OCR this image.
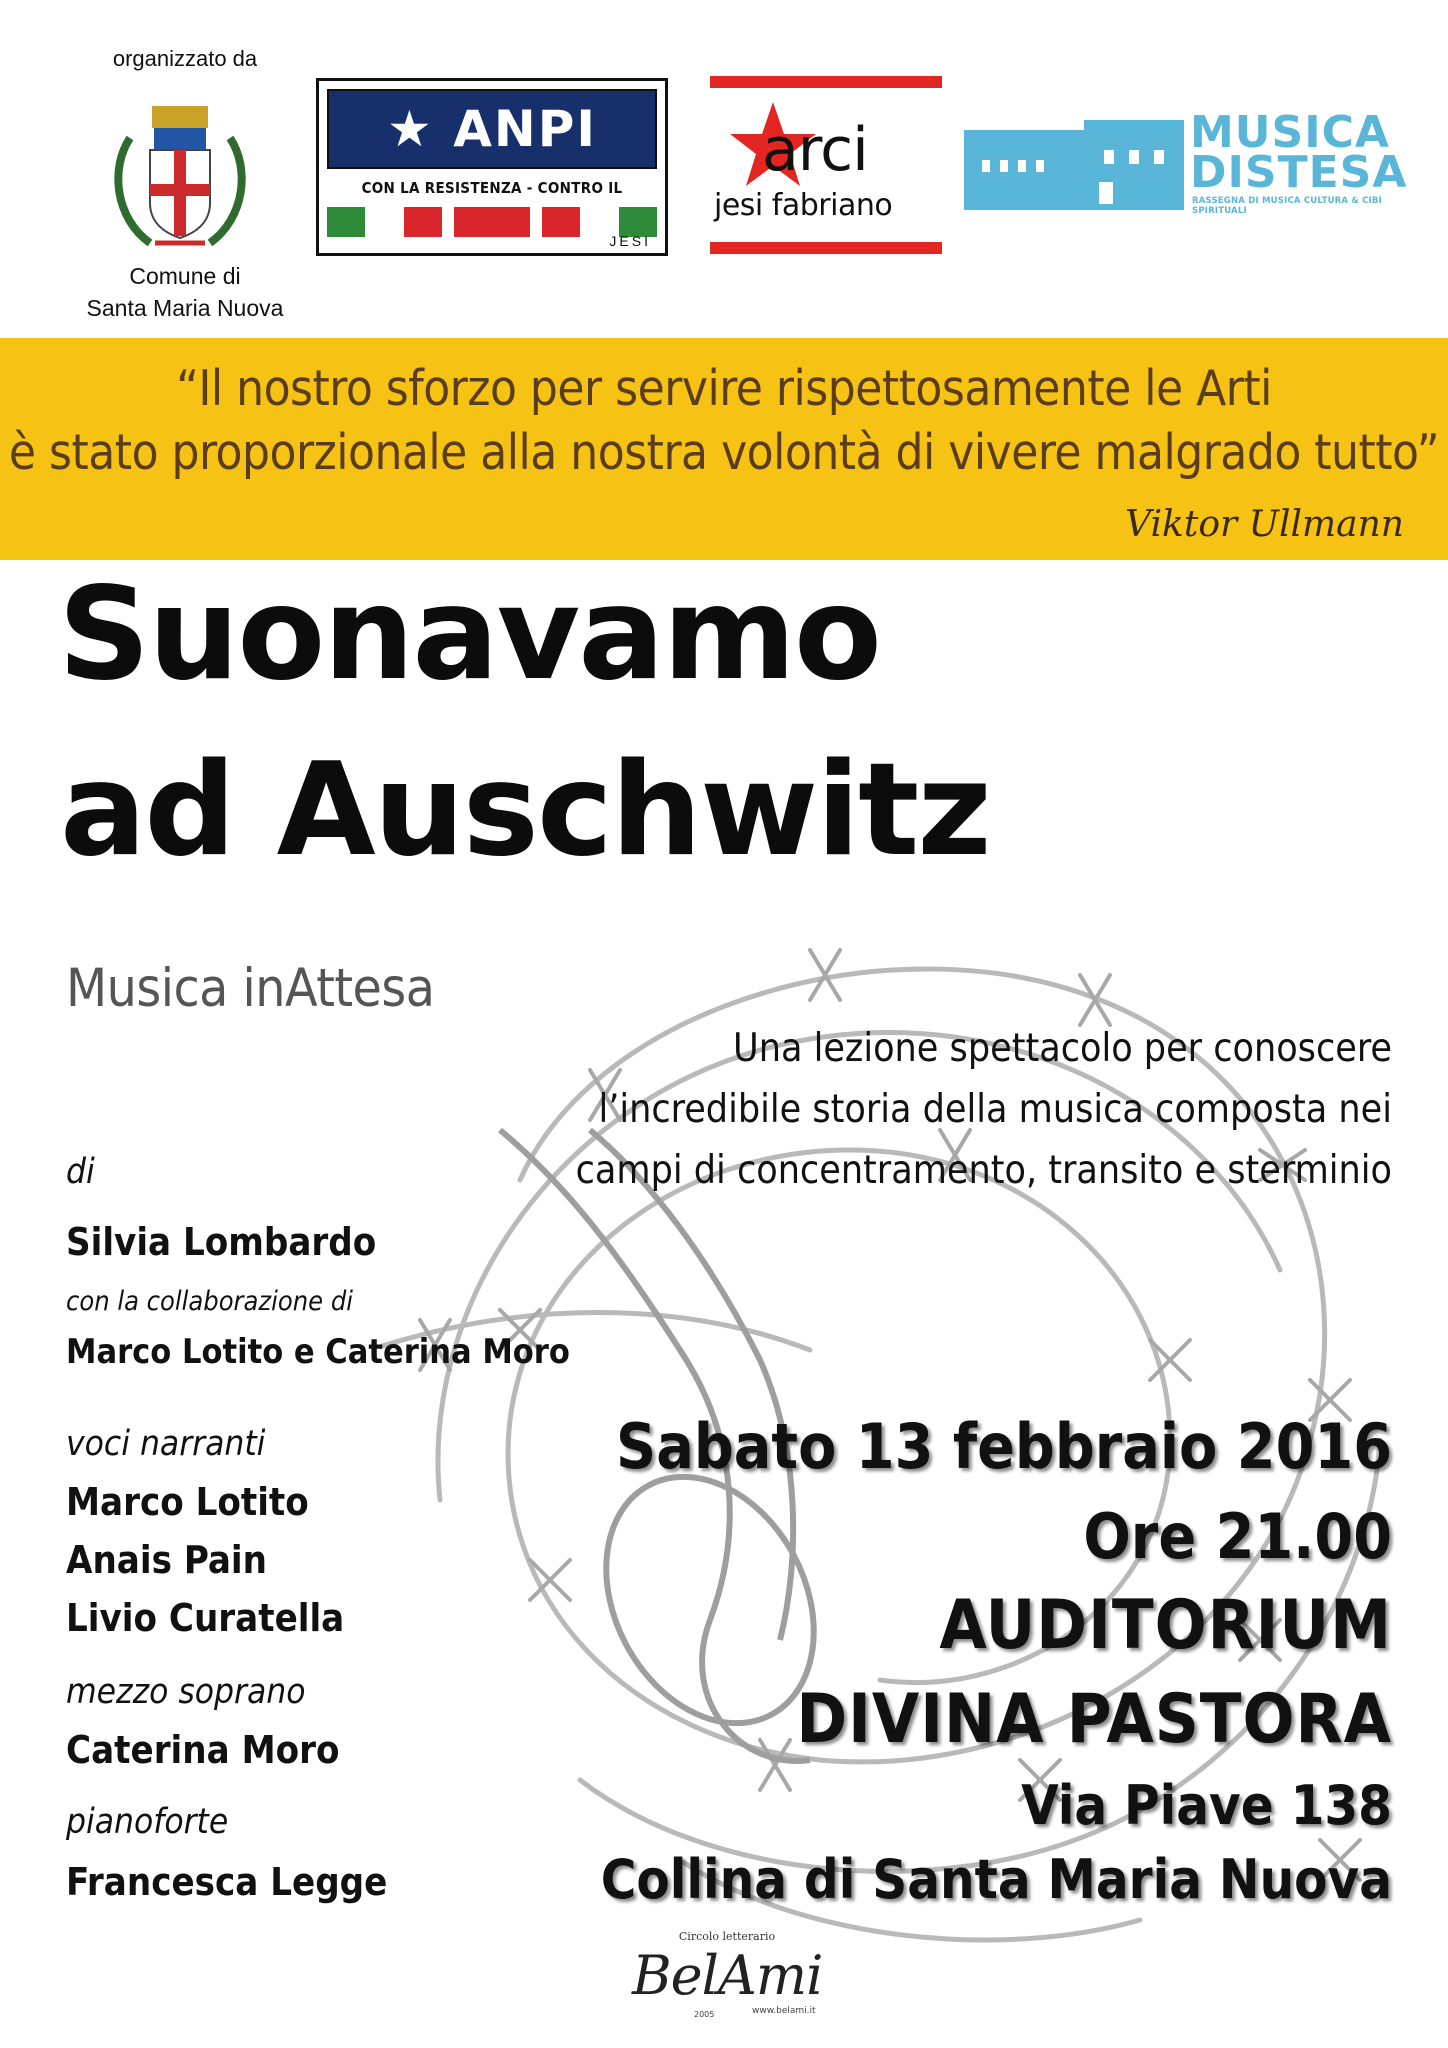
organizzato da
Comune di
Santa Maria Nuova
★ ANPI
CON LA RESISTENZA - CONTRO IL
JESI
arci
jesi fabriano
MUSICA
DISTESA
RASSEGNA DI MUSICA CULTURA & CIBI SPIRITUALI
“Il nostro sforzo per servire rispettosamente le Arti
è stato proporzionale alla nostra volontà di vivere malgrado tutto”
Viktor Ullmann
Suonavamo
ad Auschwitz
Musica inAttesa
Una lezione spettacolo per conoscere
l’incredibile storia della musica composta nei
campi di concentramento, transito e sterminio
di
Silvia Lombardo
con la collaborazione di
Marco Lotito e Caterina Moro
voci narranti
Marco Lotito
Anais Pain
Livio Curatella
mezzo soprano
Caterina Moro
pianoforte
Francesca Legge
Sabato 13 febbraio 2016
Ore 21.00
AUDITORIUM
DIVINA PASTORA
Via Piave 138
Collina di Santa Maria Nuova
Circolo letterario
BelAmi
2005	www.belami.it
